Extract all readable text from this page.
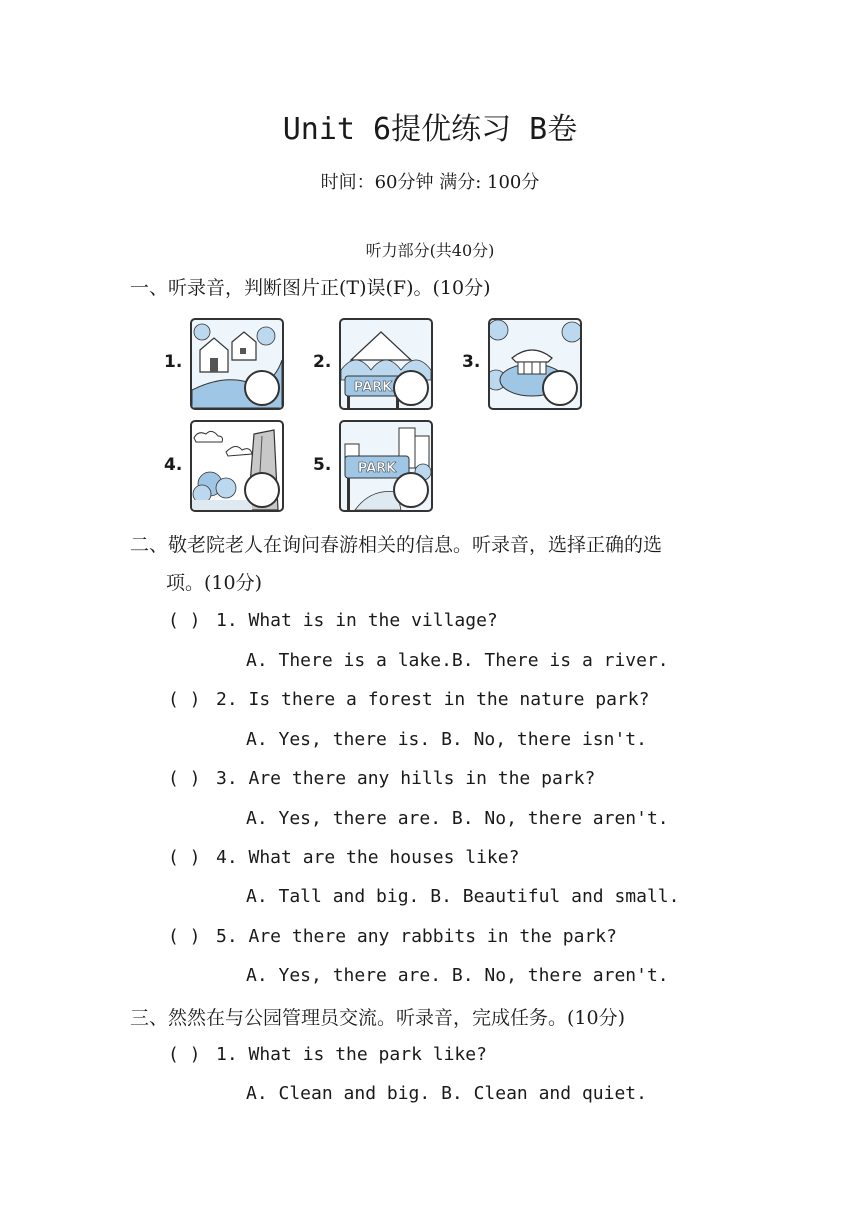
Unit 6提优练习 B卷
时间：60分钟 满分: 100分
听力部分(共40分)
一、听录音，判断图片正(T)误(F)。(10分)
1.	2.
PARK
3.
4.	5. PARK
二、敬老院老人在询问春游相关的信息。听录音，选择正确的选
项。(10分)
( ) 1. What is in the village?
A. There is a lake.B. There is a river.
( ) 2. Is there a forest in the nature park?
A. Yes, there is. B. No, there isn't.
( ) 3. Are there any hills in the park?
A. Yes, there are. B. No, there aren't.
( ) 4. What are the houses like?
A. Tall and big. B. Beautiful and small.
( ) 5. Are there any rabbits in the park?
A. Yes, there are. B. No, there aren't.
三、然然在与公园管理员交流。听录音，完成任务。(10分)
( ) 1. What is the park like?
A. Clean and big. B. Clean and quiet.
